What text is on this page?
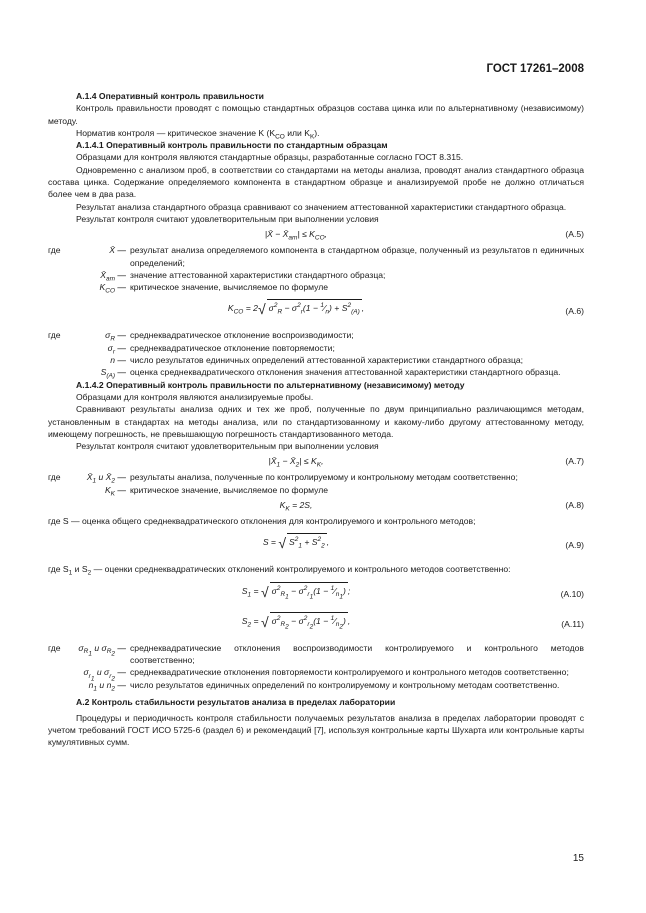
ГОСТ 17261–2008

А.1.4 Оперативный контроль правильности

Контроль правильности проводят с помощью стандартных образцов состава цинка или по альтернативному (независимому) методу.

Норматив контроля — критическое значение K ($K_{CO}$ или $K_K$).

А.1.4.1 Оперативный контроль правильности по стандартным образцам

Образцами для контроля являются стандартные образцы, разработанные согласно ГОСТ 8.315.

Одновременно с анализом проб, в соответствии со стандартами на методы анализа, проводят анализ стандартного образца состава цинка. Содержание определяемого компонента в стандартном образце и анализируемой пробе не должно отличаться более чем в два раза.

Результат анализа стандартного образца сравнивают со значением аттестованной характеристики стандартного образца.

Результат контроля считают удовлетворительным при выполнении условия

|X̄ − $X̄_{ат}| \le K_{CO}$,	(А.5)
где	X̄ — результат анализа определяемого компонента в стандартном образце, полученный из результатов n единичных определений;
$X̄_{ат}$ — значение аттестованной характеристики стандартного образца;
$K_{CO}$ — критическое значение, вычисляемое по формуле
$K_{CO} = 2√$ $\sigma^2_R - \sigma^2_r(1$ − $^1⁄_n) + S^2_{(А)}$ ,	(А.6)
где	$\sigma_R$ — среднеквадратическое отклонение воспроизводимости;
$\sigma_r$ — среднеквадратическое отклонение повторяемости;
n — число результатов единичных определений аттестованной характеристики стандартного образца;
$S_{(А)}$ — оценка среднеквадратического отклонения значения аттестованной характеристики стандартного образца.

А.1.4.2 Оперативный контроль правильности по альтернативному (независимому) методу

Образцами для контроля являются анализируемые пробы.

Сравнивают результаты анализа одних и тех же проб, полученные по двум принципиально различающимся методам, установленным в стандартах на методы анализа, или по стандартизованному и какому-либо другому аттестованному методу, имеющему погрешность, не превышающую погрешность стандартизованного метода.

Результат контроля считают удовлетворительным при выполнении условия

$|X̄_1$ − $X̄_2| \le K_K$,	(А.7)
где	$X̄_1$ и $X̄_2$ — результаты анализа, полученные по контролируемому и контрольному методам соответственно;
$K_K$ — критическое значение, вычисляемое по формуле
$K_K = 2S$,	(А.8)

где S — оценка общего среднеквадратического отклонения для контролируемого и контрольного методов;

S = √ $S^2_1 + S^2_2$ ,	(А.9)

где $S_1$ и $S_2$ — оценки среднеквадратических отклонений контролируемого и контрольного методов соответственно:

$S_1$ = √ $\sigma^2_{R_1} - \sigma^2_{r_1}(1$ − $^1⁄_{n_1}$) ;	(А.10)
$S_2$ = √ $\sigma^2_{R_2} - \sigma^2_{r_2}(1$ − $^1⁄_{n_2}$) ,	(А.11)
где $\sigma_{R_1}$ и $\sigma_{R_2}$ — среднеквадратические отклонения воспроизводимости контролируемого и контрольного методов соответственно;
$\sigma_{r_1}$ и $\sigma_{r_2}$ — среднеквадратические отклонения повторяемости контролируемого и контрольного методов соответственно;
$n_1$ и $n_2$ — число результатов единичных определений по контролируемому и контрольному методам соответственно.

А.2 Контроль стабильности результатов анализа в пределах лаборатории

Процедуры и периодичность контроля стабильности получаемых результатов анализа в пределах лаборатории проводят с учетом требований ГОСТ ИСО 5725-6 (раздел 6) и рекомендаций [7], используя контрольные карты Шухарта или контрольные карты кумулятивных сумм.

15
